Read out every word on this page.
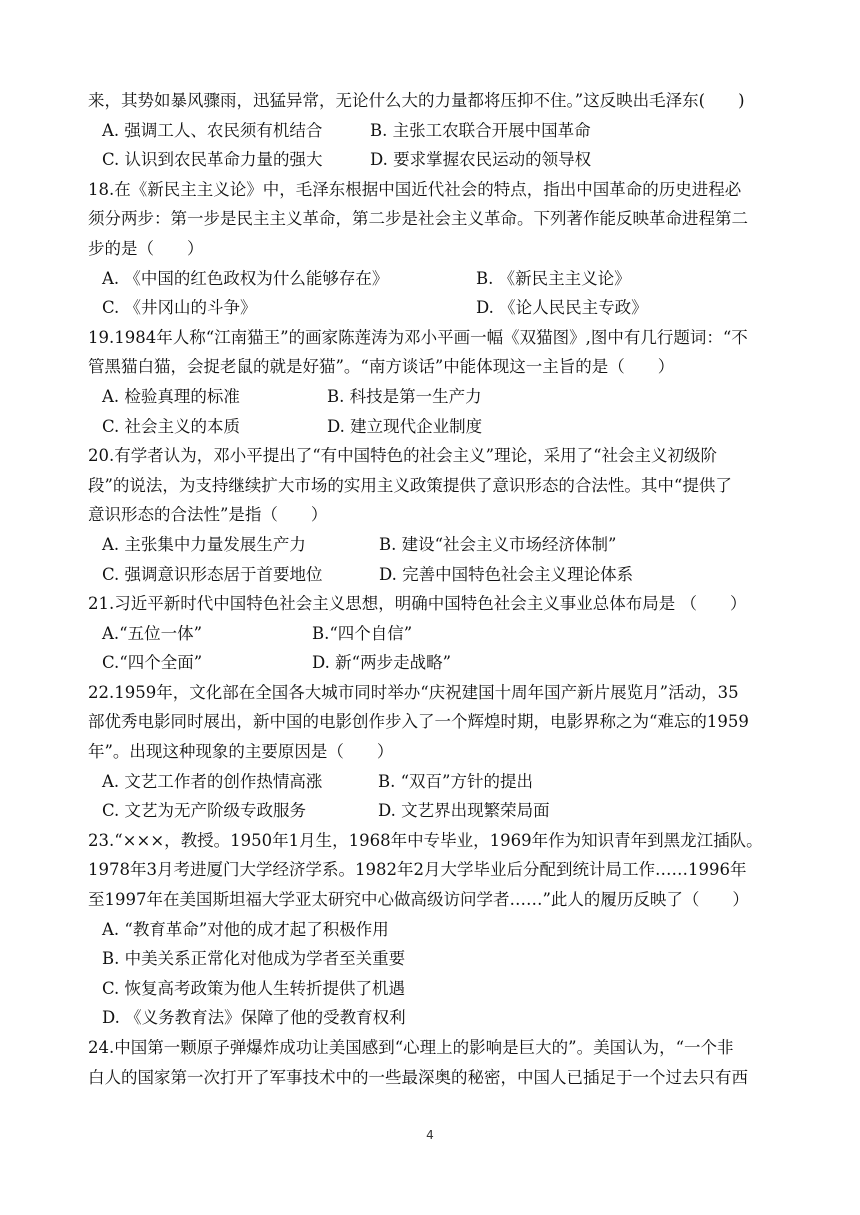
来，其势如暴风骤雨，迅猛异常，无论什么大的力量都将压抑不住。”这反映出毛泽东(　　)
A. 强调工人、农民须有机结合	B. 主张工农联合开展中国革命
C. 认识到农民革命力量的强大	D. 要求掌握农民运动的领导权
18.在《新民主主义论》中，毛泽东根据中国近代社会的特点，指出中国革命的历史进程必
须分两步：第一步是民主主义革命，第二步是社会主义革命。下列著作能反映革命进程第二
步的是（　　）
A. 《中国的红色政权为什么能够存在》	B. 《新民主主义论》
C. 《井冈山的斗争》	D. 《论人民民主专政》
19.1984年人称“江南猫王”的画家陈莲涛为邓小平画一幅《双猫图》,图中有几行题词：“不
管黑猫白猫，会捉老鼠的就是好猫”。“南方谈话”中能体现这一主旨的是（　　）
A. 检验真理的标准	B. 科技是第一生产力
C. 社会主义的本质	D. 建立现代企业制度
20.有学者认为，邓小平提出了“有中国特色的社会主义”理论，采用了“社会主义初级阶
段”的说法，为支持继续扩大市场的实用主义政策提供了意识形态的合法性。其中“提供了
意识形态的合法性”是指（　　）
A. 主张集中力量发展生产力	B. 建设“社会主义市场经济体制”
C. 强调意识形态居于首要地位	D. 完善中国特色社会主义理论体系
21.习近平新时代中国特色社会主义思想，明确中国特色社会主义事业总体布局是 （　　）
A.“五位一体”	B.“四个自信”
C.“四个全面”	D. 新“两步走战略”
22.1959年，文化部在全国各大城市同时举办“庆祝建国十周年国产新片展览月”活动，35
部优秀电影同时展出，新中国的电影创作步入了一个辉煌时期，电影界称之为“难忘的1959
年”。出现这种现象的主要原因是（　　）
A. 文艺工作者的创作热情高涨	B. “双百”方针的提出
C. 文艺为无产阶级专政服务	D. 文艺界出现繁荣局面
23.“×××，教授。1950年1月生，1968年中专毕业，1969年作为知识青年到黑龙江插队。
1978年3月考进厦门大学经济学系。1982年2月大学毕业后分配到统计局工作……1996年
至1997年在美国斯坦福大学亚太研究中心做高级访问学者……”此人的履历反映了（　　）
A. “教育革命”对他的成才起了积极作用
B. 中美关系正常化对他成为学者至关重要
C. 恢复高考政策为他人生转折提供了机遇
D. 《义务教育法》保障了他的受教育权利
24.中国第一颗原子弹爆炸成功让美国感到“心理上的影响是巨大的”。美国认为，“一个非
白人的国家第一次打开了军事技术中的一些最深奥的秘密，中国人已插足于一个过去只有西
4
